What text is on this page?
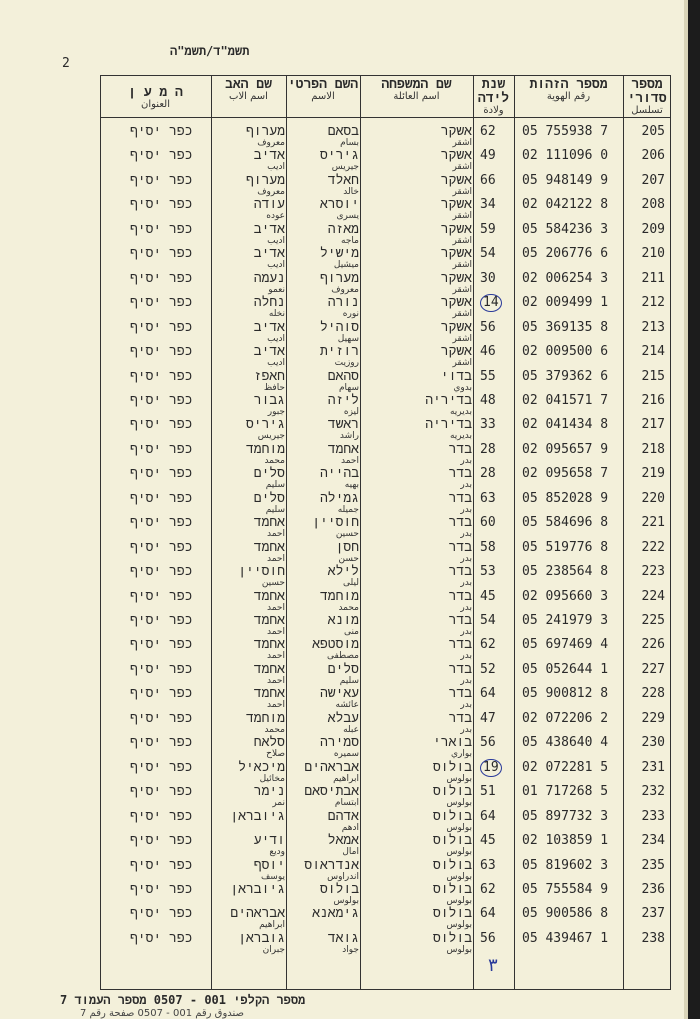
תשמ"ד/תשמ"ה
2
מספר סדורי
تسلسل
מספר הזהות
رقم الهوية
שנת לידה
ولادة
שם המשפחה
اسم العائلة
השם הפרטי
الاسم
שם האב
اسم الاب
ה מ ע ן
العنوان
205
05 755938 7
62
אשקר
اشقر
בסאם
بسام
מערוף
معروف
כפר יסיף
206
02 111096 0
49
אשקר
اشقر
גיריס
جيريس
אדיב
اديب
כפר יסיף
207
05 948149 9
66
אשקר
اشقر
חאלד
خالد
מערוף
معروف
כפר יסיף
208
02 042122 8
34
אשקר
اشقر
יוסרא
يسرى
עודה
عوده
כפר יסיף
209
05 584236 3
59
אשקר
اشقر
מאזה
ماجه
אדיב
اديب
כפר יסיף
210
05 206776 6
54
אשקר
اشقر
מישיל
ميشيل
אדיב
اديب
כפר יסיף
211
02 006254 3
30
אשקר
اشقر
מערוף
معروف
נעמה
نعمو
כפר יסיף
212
02 009499 1
14
אשקר
اشقر
נורה
نوره
נחלה
نخله
כפר יסיף
213
05 369135 8
56
אשקר
اشقر
סוהיל
سهيل
אדיב
اديب
כפר יסיף
214
02 009500 6
46
אשקר
اشقر
רוזית
روزيت
אדיב
اديب
כפר יסיף
215
05 379362 6
55
בדוי
بدوي
סהאם
سهام
חאפז
حافظ
כפר יסיף
216
02 041571 7
48
בדיריה
بديريه
ליזה
ليزه
גבור
جبور
כפר יסיף
217
02 041434 8
33
בדיריה
بديريه
ראשד
راشد
גיריס
جيريس
כפר יסיף
218
02 095657 9
28
בדר
بدر
אחמד
احمد
מוחמד
محمد
כפר יסיף
219
02 095658 7
28
בדר
بدر
בהייה
بهيه
סלים
سليم
כפר יסיף
220
05 852028 9
63
בדר
بدر
גמילה
جميله
סלים
سليم
כפר יסיף
221
05 584696 8
60
בדר
بدر
חוסיין
حسين
אחמד
احمد
כפר יסיף
222
05 519776 8
58
בדר
بدر
חסן
حسن
אחמד
احمد
כפר יסיף
223
05 238564 8
53
בדר
بدر
לילא
ليلى
חוסיין
حسين
כפר יסיף
224
02 095660 3
45
בדר
بدر
מוחמד
محمد
אחמד
احمد
כפר יסיף
225
05 241979 3
54
בדר
بدر
מונא
منى
אחמד
احمد
כפר יסיף
226
05 697469 4
62
בדר
بدر
מוסטפא
مصطفى
אחמד
احمد
כפר יסיף
227
05 052644 1
52
בדר
بدر
סלים
سليم
אחמד
احمد
כפר יסיף
228
05 900812 8
64
בדר
بدر
עאישה
عائشه
אחמד
احمد
כפר יסיף
229
02 072206 2
47
בדר
بدر
עבלא
عبله
מוחמד
محمد
כפר יסיף
230
05 438640 4
56
בוארי
بواري
סמירה
سميره
סלאח
صلاح
כפר יסיף
231
02 072281 5
19
בולוס
بولوس
אבראהים
ابراهيم
מיכאיל
مخائيل
כפר יסיף
232
01 717268 5
51
בולוס
بولوس
אבתיסאם
ابتسام
נימר
نمر
כפר יסיף
233
05 897732 3
64
בולוס
بولوس
אדהם
ادهم
גיובראן
כפר יסיף
234
02 103859 1
45
בולוס
بولوس
אמאל
امال
ודיע
وديع
כפר יסיף
235
05 819602 3
63
בולוס
بولوس
אנדראוס
اندراوس
יוסף
يوسف
כפר יסיף
236
05 755584 9
62
בולוס
بولوس
בולוס
بولوس
גיובראן
כפר יסיף
237
05 900586 8
64
בולוס
بولوس
גימאנא
אבראהים
ابراهيم
כפר יסיף
238
05 439467 1
56
בולוס
بولوس
גואד
جواد
גובראן
جبران
כפר יסיף
٣
מספר הקלפי 001 - 0507 מספר העמוד 7
صندوق رقم 001 - 0507 صفحة رقم 7
